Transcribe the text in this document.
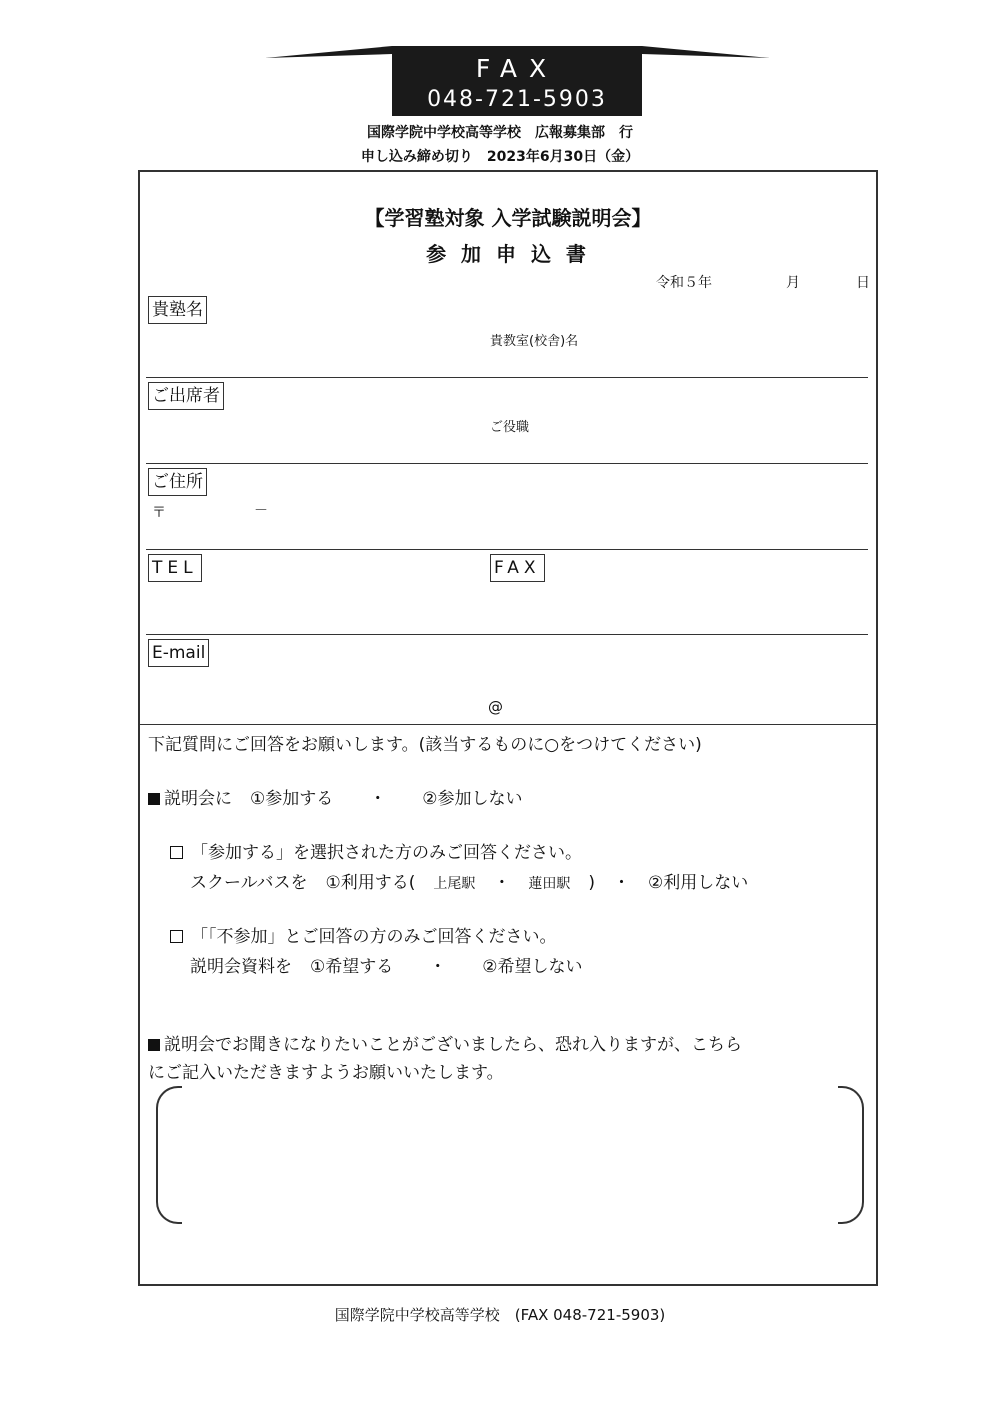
FAX
048-721-5903
国際学院中学校高等学校　広報募集部　行
申し込み締め切り　2023年6月30日（金）
【学習塾対象 入学試験説明会】
参 加 申 込 書
令和５年	月	日
貴塾名
貴教室(校舎)名
ご出席者
ご役職
ご住所
〒	－
TEL	FAX
E-mail
@
下記質問にご回答をお願いします。(該当するものに○をつけてください)
説明会に ①参加する ・ ②参加しない
「参加する」を選択された方のみご回答ください。
スクールバスを ①利用する( 上尾駅 ・ 蓮田駅 ) ・ ②利用しない
「｢不参加」とご回答の方のみご回答ください。
説明会資料を ①希望する ・ ②希望しない
説明会でお聞きになりたいことがございましたら、恐れ入りますが、こちら
にご記入いただきますようお願いいたします。
国際学院中学校高等学校　(FAX 048-721-5903)
